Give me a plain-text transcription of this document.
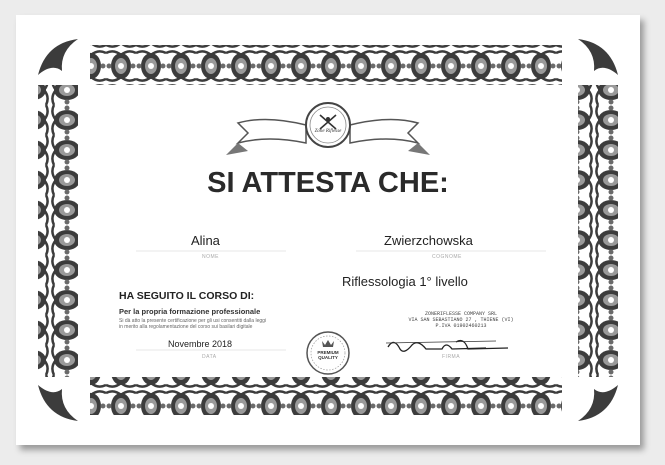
Zone Riflesse
SI ATTESTA CHE:
Alina
NOME
Zwierzchowska
COGNOME
Riflessologia 1° livello
HA SEGUITO IL CORSO DI:
Per la propria formazione professionale
Si dà atto la presente certificazione per gli usi consentiti dalla leggi
in merito alla regolamentazione del corso sui basilari digitale
Novembre 2018
DATA
PREMIUM
QUALITY
ZONERIFLESSE COMPANY SRL
VIA SAN SEBASTIANO 27 , THIENE (VI)
P.IVA 01902460213
FIRMA
